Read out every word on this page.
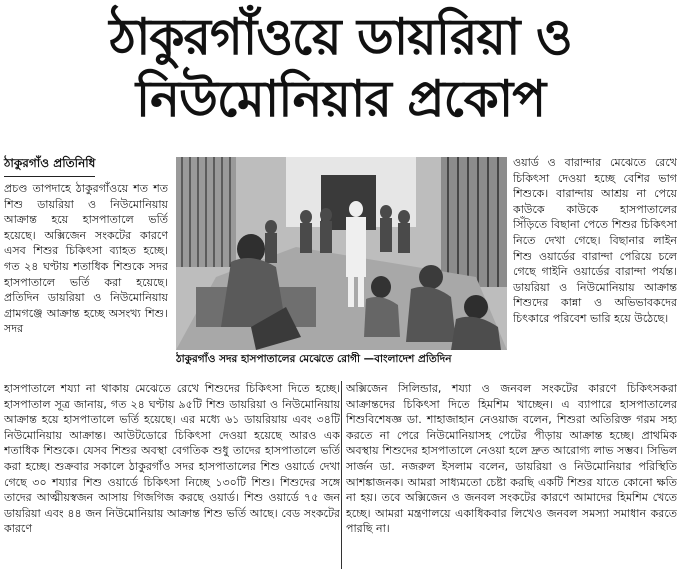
ঠাকুরগাঁওয়ে ডায়রিয়া ও
নিউমোনিয়ার প্রকোপ
ঠাকুরগাঁও প্রতিনিধি

প্রচণ্ড তাপদাহে ঠাকুরগাঁওয়ে শত শত শিশু ডায়রিয়া ও নিউমোনিয়ায় আক্রান্ত হয়ে হাসপাতালে ভর্তি হয়েছে। অক্সিজেন সংকটের কারণে এসব শিশুর চিকিৎসা ব্যাহত হচ্ছে। গত ২৪ ঘণ্টায় শতাধিক শিশুকে সদর হাসপাতালে ভর্তি করা হয়েছে। প্রতিদিন ডায়রিয়া ও নিউমোনিয়ায় গ্রামগঞ্জে আক্রান্ত হচ্ছে অসংখ্য শিশু। সদর

ঠাকুরগাঁও সদর হাসপাতালের মেঝেতে রোগী —বাংলাদেশ প্রতিদিন

ওয়ার্ড ও বারান্দার মেঝেতে রেখে চিকিৎসা দেওয়া হচ্ছে বেশির ভাগ শিশুকে। বারান্দায় আশ্রয় না পেয়ে কাউকে কাউকে হাসপাতালের সিঁড়িতে বিছানা পেতে শিশুর চিকিৎসা নিতে দেখা গেছে। বিছানার লাইন শিশু ওয়ার্ডের বারান্দা পেরিয়ে চলে গেছে গাইনি ওয়ার্ডের বারান্দা পর্যন্ত। ডায়রিয়া ও নিউমোনিয়ায় আক্রান্ত শিশুদের কান্না ও অভিভাবকদের চিৎকারে পরিবেশ ভারি হয়ে উঠেছে।

হাসপাতালে শয্যা না থাকায় মেঝেতে রেখে শিশুদের চিকিৎসা দিতে হচ্ছে। হাসপাতাল সূত্র জানায়, গত ২৪ ঘণ্টায় ৯৫টি শিশু ডায়রিয়া ও নিউমোনিয়ায় আক্রান্ত হয়ে হাসপাতালে ভর্তি হয়েছে। এর মধ্যে ৬১ ডায়রিয়ায় এবং ৩৪টি নিউমোনিয়ায় আক্রান্ত। আউটডোরে চিকিৎসা দেওয়া হয়েছে আরও এক শতাধিক শিশুকে। যেসব শিশুর অবস্থা বেগতিক শুধু তাদের হাসপাতালে ভর্তি করা হচ্ছে। শুক্রবার সকালে ঠাকুরগাঁও সদর হাসপাতালের শিশু ওয়ার্ডে দেখা গেছে ৩০ শয্যার শিশু ওয়ার্ডে চিকিৎসা নিচ্ছে ১৩০টি শিশু। শিশুদের সঙ্গে তাদের আত্মীয়স্বজন আসায় গিজগিজ করছে ওয়ার্ড। শিশু ওয়ার্ডে ৭৫ জন ডায়রিয়া এবং ৪৪ জন নিউমোনিয়ায় আক্রান্ত শিশু ভর্তি আছে। বেড সংকটের কারণে

অক্সিজেন সিলিন্ডার, শয্যা ও জনবল সংকটের কারণে চিকিৎসকরা আক্রান্তদের চিকিৎসা দিতে হিমশিম খাচ্ছেন। এ ব্যাপারে হাসপাতালের শিশুবিশেষজ্ঞ ডা. শাহাজাহান নেওয়াজ বলেন, শিশুরা অতিরিক্ত গরম সহ্য করতে না পেরে নিউমোনিয়াসহ পেটের পীড়ায় আক্রান্ত হচ্ছে। প্রাথমিক অবস্থায় শিশুদের হাসপাতালে নেওয়া হলে দ্রুত আরোগ্য লাভ সম্ভব। সিভিল সার্জন ডা. নজরুল ইসলাম বলেন, ডায়রিয়া ও নিউমোনিয়ার পরিস্থিতি আশঙ্কাজনক। আমরা সাধ্যমতো চেষ্টা করছি একটি শিশুর যাতে কোনো ক্ষতি না হয়। তবে অক্সিজেন ও জনবল সংকটের কারণে আমাদের হিমশিম খেতে হচ্ছে। আমরা মন্ত্রণালয়ে একাধিকবার লিখেও জনবল সমস্যা সমাধান করতে পারছি না।
